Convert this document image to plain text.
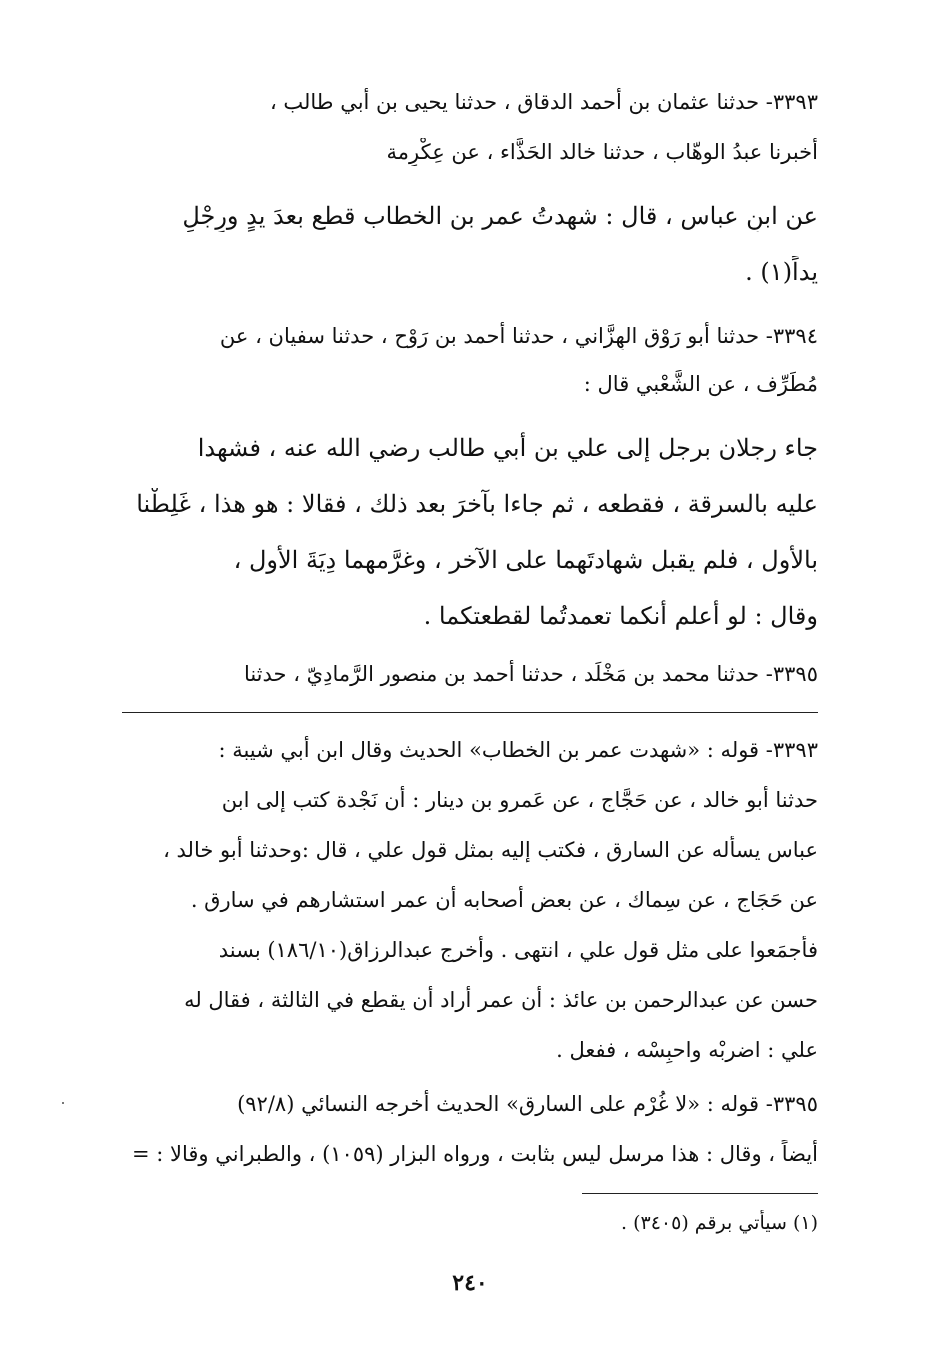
٣٣٩٣- حدثنا عثمان بن أحمد الدقاق ، حدثنا يحيى بن أبي طالب ،
أخبرنا عبدُ الوهّاب ، حدثنا خالد الحَذَّاء ، عن عِكْرِمة
عن ابنِ عباس ، قال : شهدتُ عمر بن الخطاب قطع بعدَ يدٍ ورِجْلٍ
يداً(١) .
٣٣٩٤- حدثنا أبو رَوْق الهِزَّاني ، حدثنا أحمد بن رَوْح ، حدثنا سفيان ، عن
مُطَرِّف ، عن الشَّعْبي قال :
جاء رجلان برجل إلى علي بن أبي طالب رضي الله عنه ، فشهدا
عليه بالسرقة ، فقطعه ، ثم جاءا بآخرَ بعد ذلك ، فقالا : هو هذا ، غَلِطْنا
بالأول ، فلم يقبل شهادتَهما على الآخر ، وغرَّمهما دِيَةَ الأول ،
وقال : لو أعلم أنكما تعمدتُما لقطعتكما .
٣٣٩٥- حدثنا محمد بن مَخْلَد ، حدثنا أحمد بن منصور الرَّمادِيّ ، حدثنا
٣٣٩٣- قوله : «شهدت عمر بن الخطاب» الحديث وقال ابن أبي شيبة :
حدثنا أبو خالد ، عن حَجَّاج ، عن عَمرو بن دينار : أن نَجْدة كتب إلى ابن
عباس يسأله عن السارق ، فكتب إليه بمثل قول علي ، قال :وحدثنا أبو خالد ،
عن حَجَاج ، عن سِماك ، عن بعض أصحابه أن عمر استشارهم في سارق .
فأجمَعوا على مثل قول علي ، انتهى . وأخرج عبدالرزاق(١٨٦/١٠) بسند
حسن عن عبدالرحمن بن عائذ : أن عمر أراد أن يقطع في الثالثة ، فقال له
علي : اضربْه واحبِسْه ، ففعل .
٣٣٩٥- قوله : «لا غُرْم على السارق» الحديث أخرجه النسائي (٩٢/٨)
أيضاً ، وقال : هذا مرسل ليس بثابت ، ورواه البزار (١٠٥٩) ، والطبراني وقالا : =
(١) سيأتي برقم (٣٤٠٥) .
٢٤٠
